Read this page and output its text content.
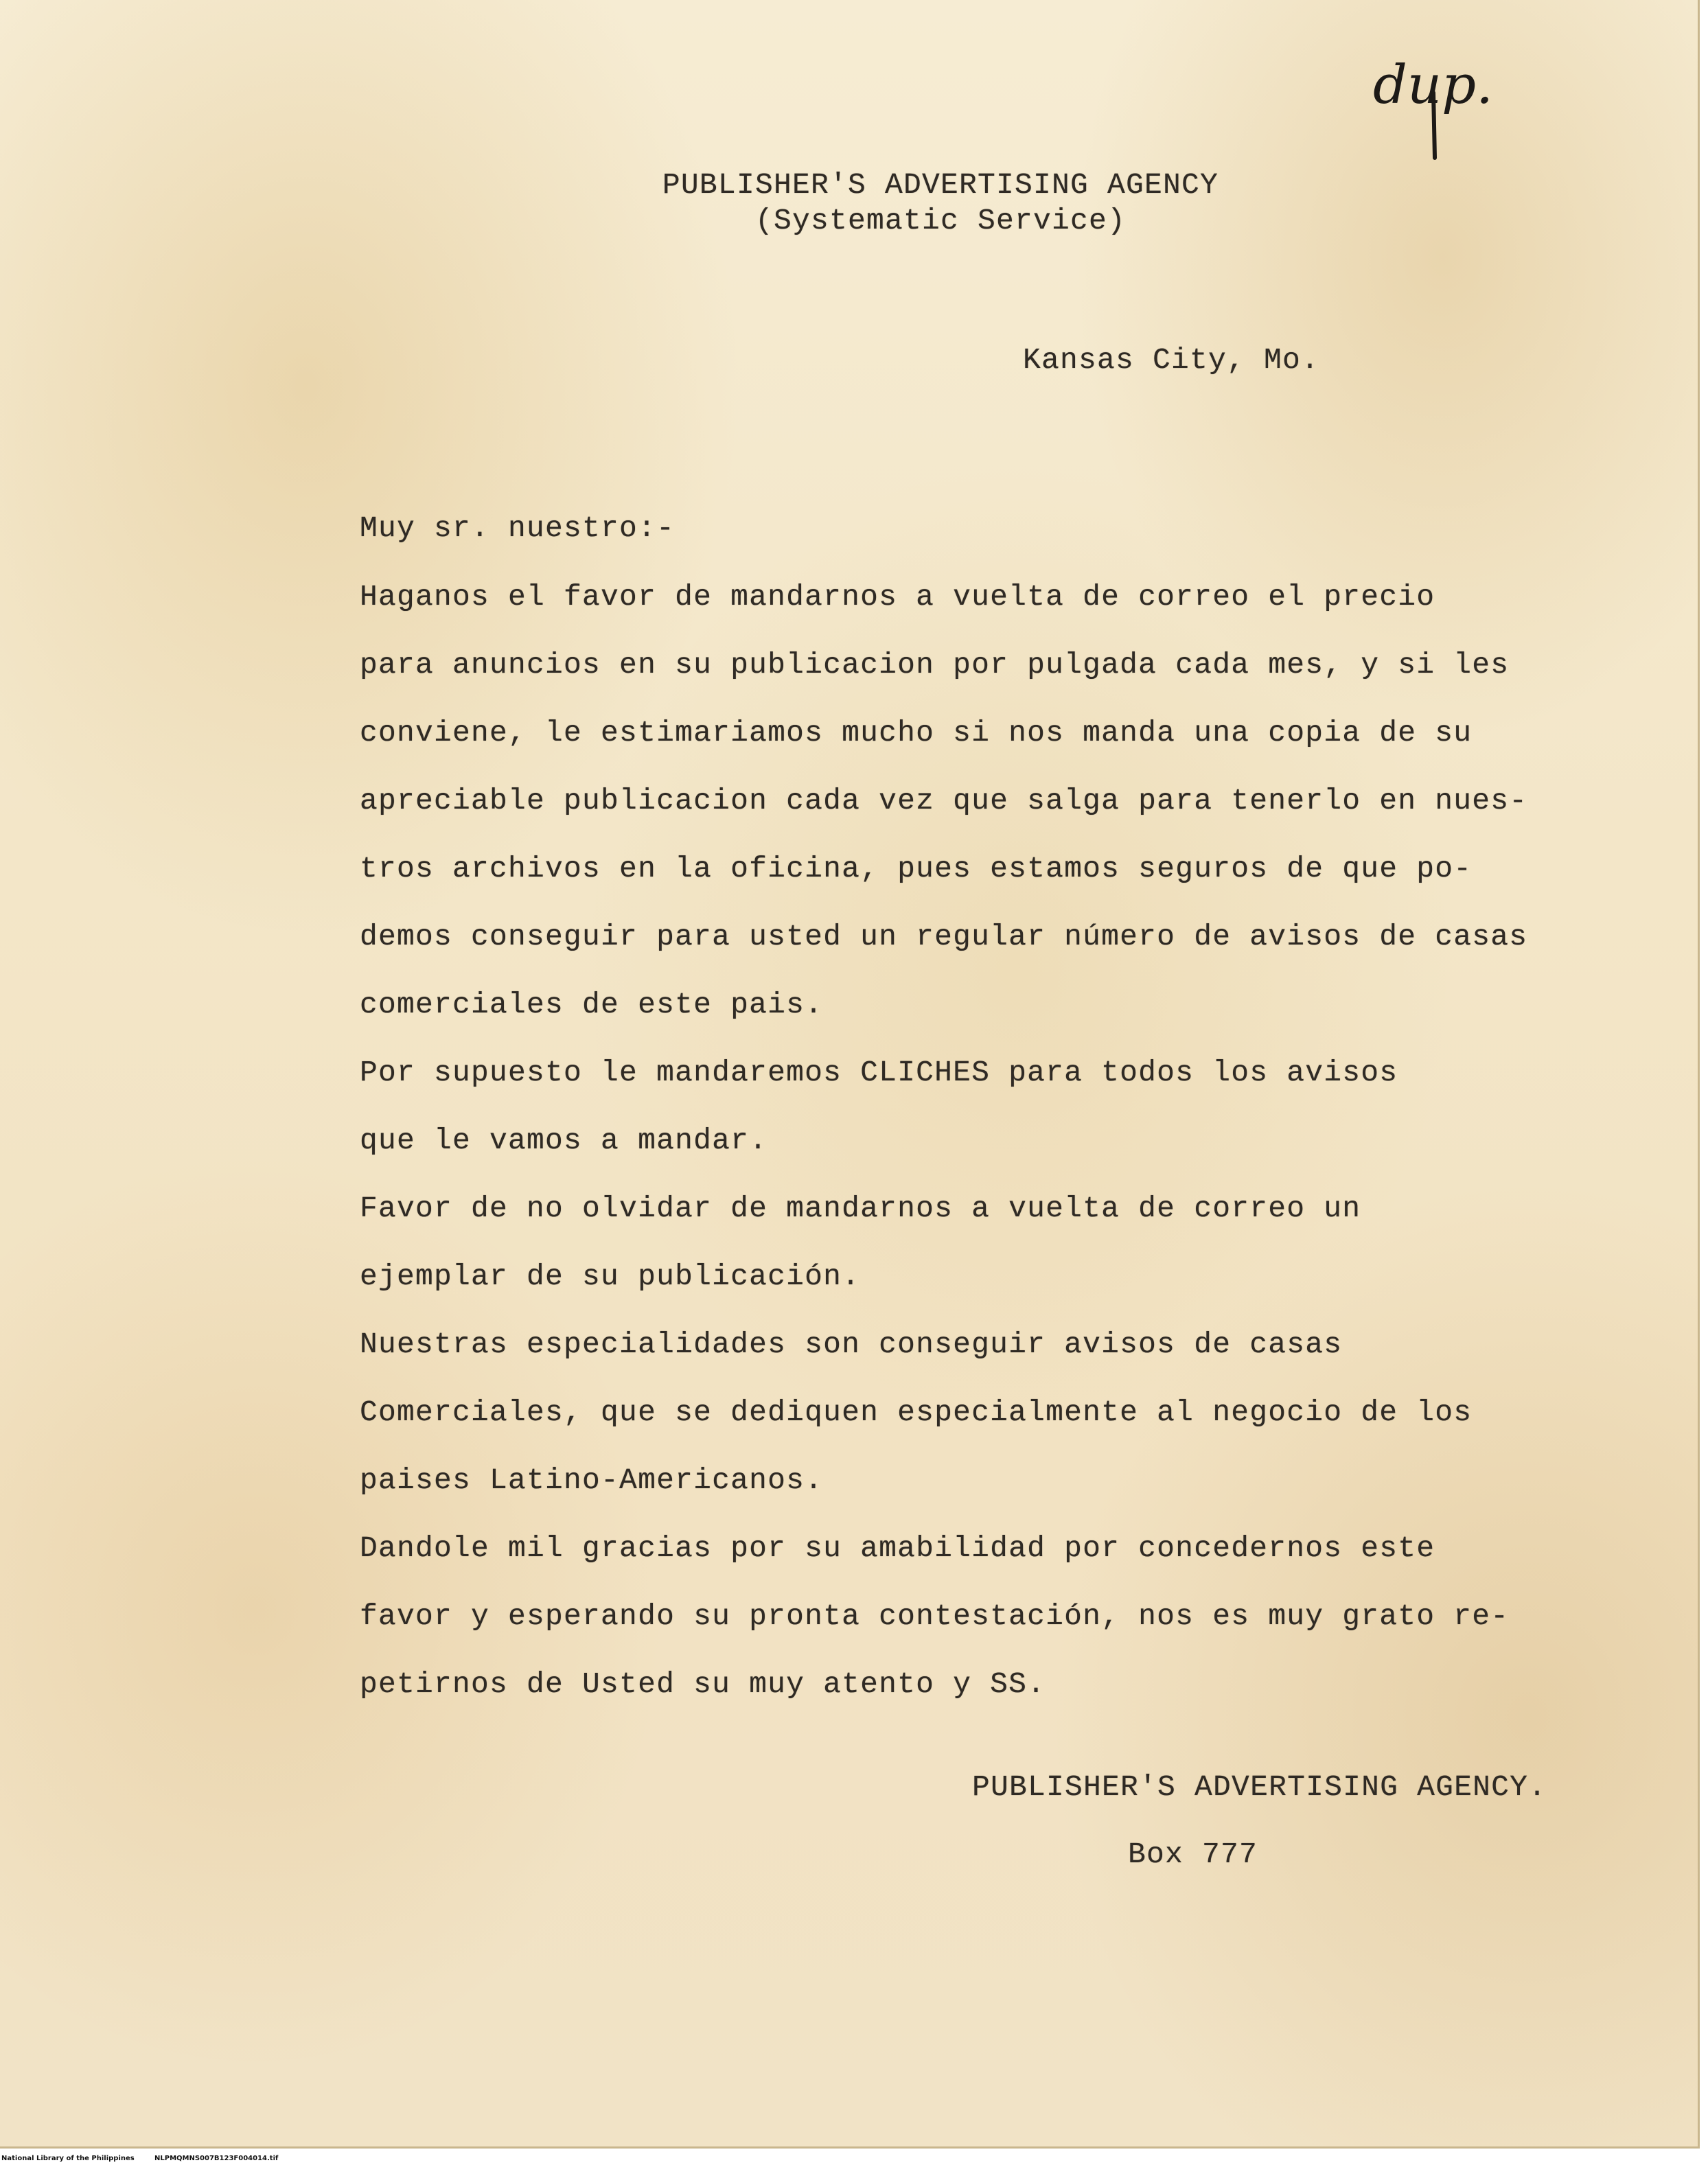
PUBLISHER'S ADVERTISING AGENCY
(Systematic Service)
dup.
Kansas City, Mo.
Muy sr. nuestro:-
Haganos el favor de mandarnos a vuelta de correo el precio
para anuncios en su publicacion por pulgada cada mes, y si les
conviene, le estimariamos mucho si nos manda una copia de su
apreciable publicacion cada vez que salga para tenerlo en nues-
tros archivos en la oficina, pues estamos seguros de que po-
demos conseguir para usted un regular número de avisos de casas
comerciales de este pais.
Por supuesto le mandaremos CLICHES para todos los avisos
que le vamos a mandar.
Favor de no olvidar de mandarnos a vuelta de correo un
ejemplar de su publicación.
Nuestras especialidades son conseguir avisos de casas
Comerciales, que se dediquen especialmente al negocio de los
paises Latino-Americanos.
Dandole mil gracias por su amabilidad por concedernos este
favor y esperando su pronta contestación, nos es muy grato re-
petirnos de Usted su muy atento y SS.
PUBLISHER'S ADVERTISING AGENCY.
Box 777
National Library of the Philippines	NLPMQMNS007B123F004014.tif
